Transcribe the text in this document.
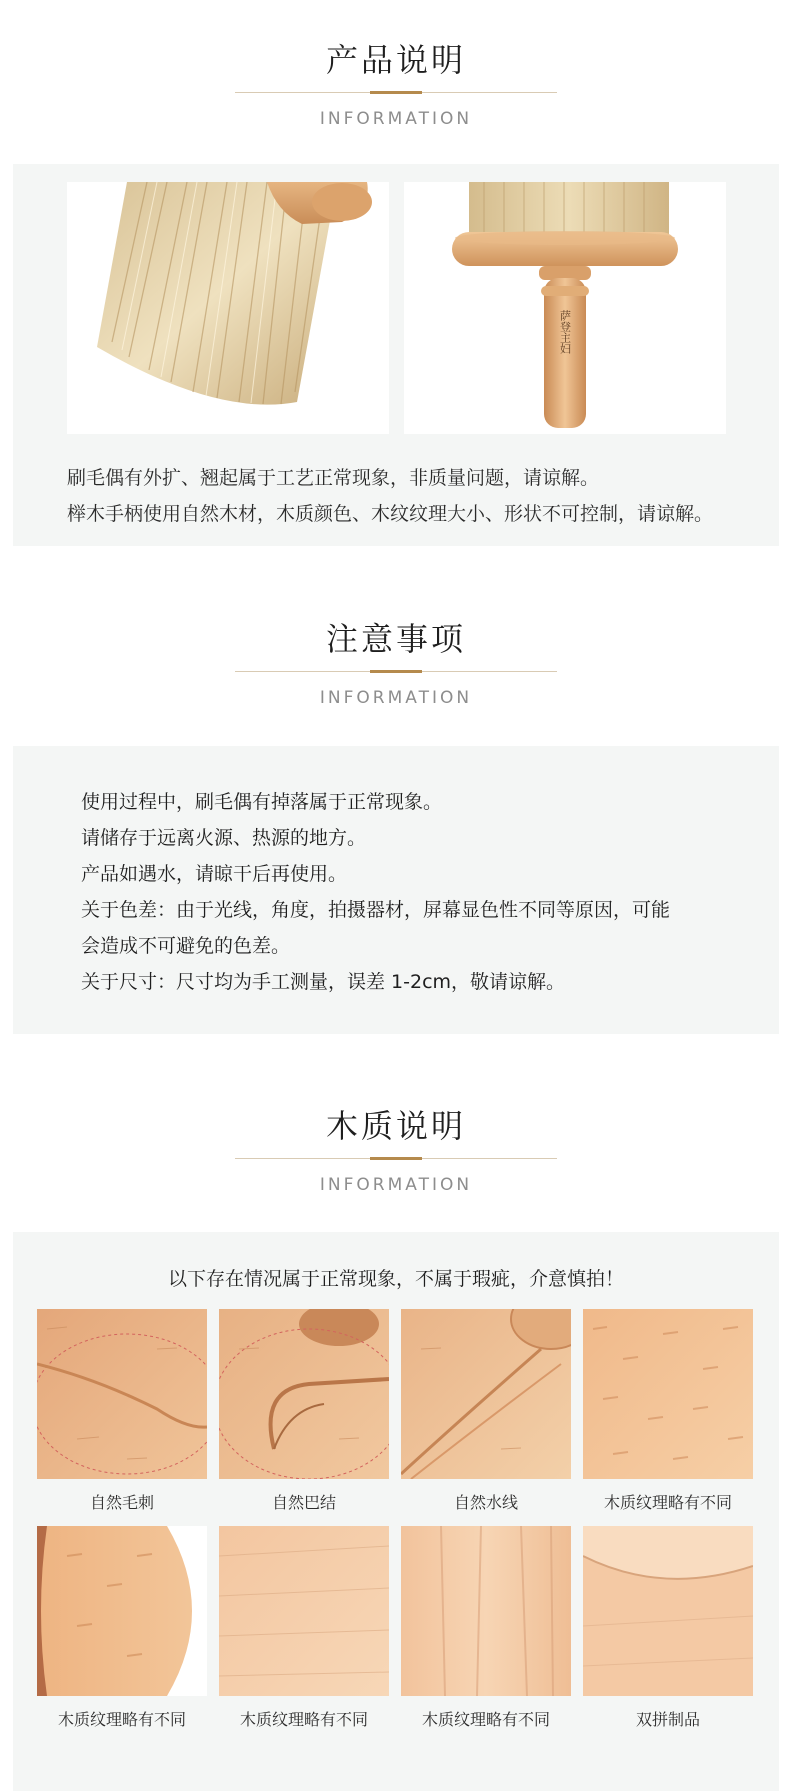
产品说明
INFORMATION
萨登主妇
刷毛偶有外扩、翘起属于工艺正常现象，非质量问题，请谅解。
榉木手柄使用自然木材，木质颜色、木纹纹理大小、形状不可控制，请谅解。
注意事项
INFORMATION
使用过程中，刷毛偶有掉落属于正常现象。
请储存于远离火源、热源的地方。
产品如遇水，请晾干后再使用。
关于色差：由于光线，角度，拍摄器材，屏幕显色性不同等原因，可能
会造成不可避免的色差。
关于尺寸：尺寸均为手工测量，误差 1-2cm，敬请谅解。
木质说明
INFORMATION
以下存在情况属于正常现象，不属于瑕疵，介意慎拍！
自然毛刺	自然巴结	自然水线	木质纹理略有不同
木质纹理略有不同	木质纹理略有不同	木质纹理略有不同	双拼制品
